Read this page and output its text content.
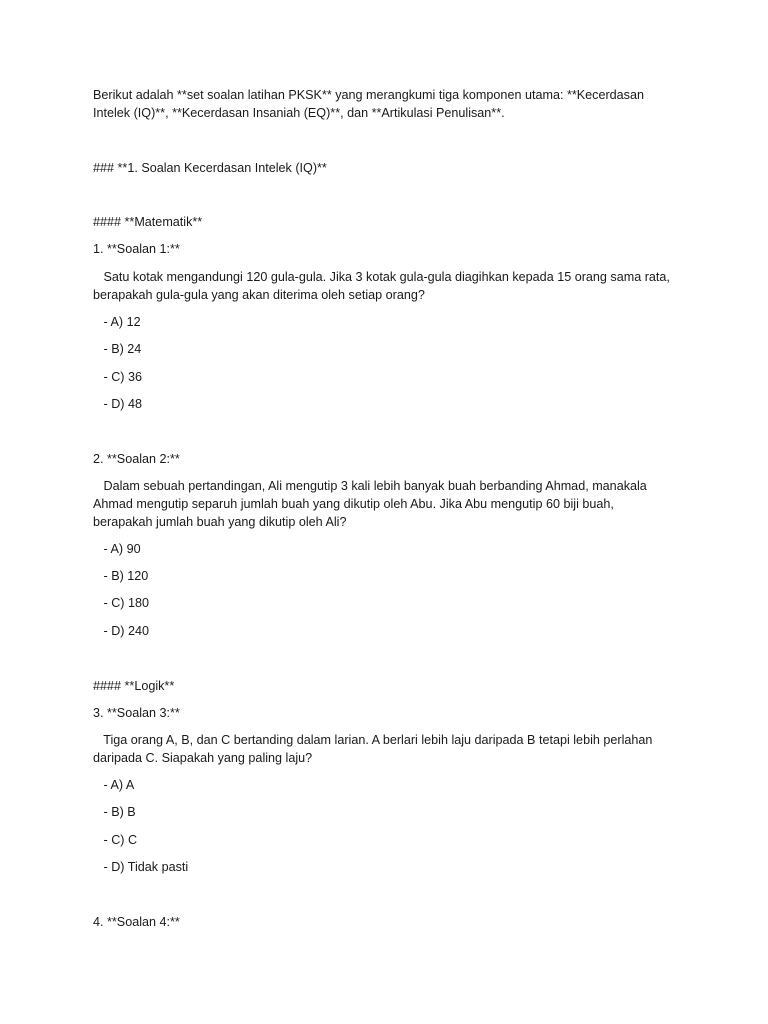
Berikut adalah **set soalan latihan PKSK** yang merangkumi tiga komponen utama: **Kecerdasan
Intelek (IQ)**, **Kecerdasan Insaniah (EQ)**, dan **Artikulasi Penulisan**.
### **1. Soalan Kecerdasan Intelek (IQ)**
#### **Matematik**
1. **Soalan 1:**
Satu kotak mengandungi 120 gula-gula. Jika 3 kotak gula-gula diagihkan kepada 15 orang sama rata,
berapakah gula-gula yang akan diterima oleh setiap orang?
- A) 12
- B) 24
- C) 36
- D) 48
2. **Soalan 2:**
Dalam sebuah pertandingan, Ali mengutip 3 kali lebih banyak buah berbanding Ahmad, manakala
Ahmad mengutip separuh jumlah buah yang dikutip oleh Abu. Jika Abu mengutip 60 biji buah,
berapakah jumlah buah yang dikutip oleh Ali?
- A) 90
- B) 120
- C) 180
- D) 240
#### **Logik**
3. **Soalan 3:**
Tiga orang A, B, dan C bertanding dalam larian. A berlari lebih laju daripada B tetapi lebih perlahan
daripada C. Siapakah yang paling laju?
- A) A
- B) B
- C) C
- D) Tidak pasti
4. **Soalan 4:**
